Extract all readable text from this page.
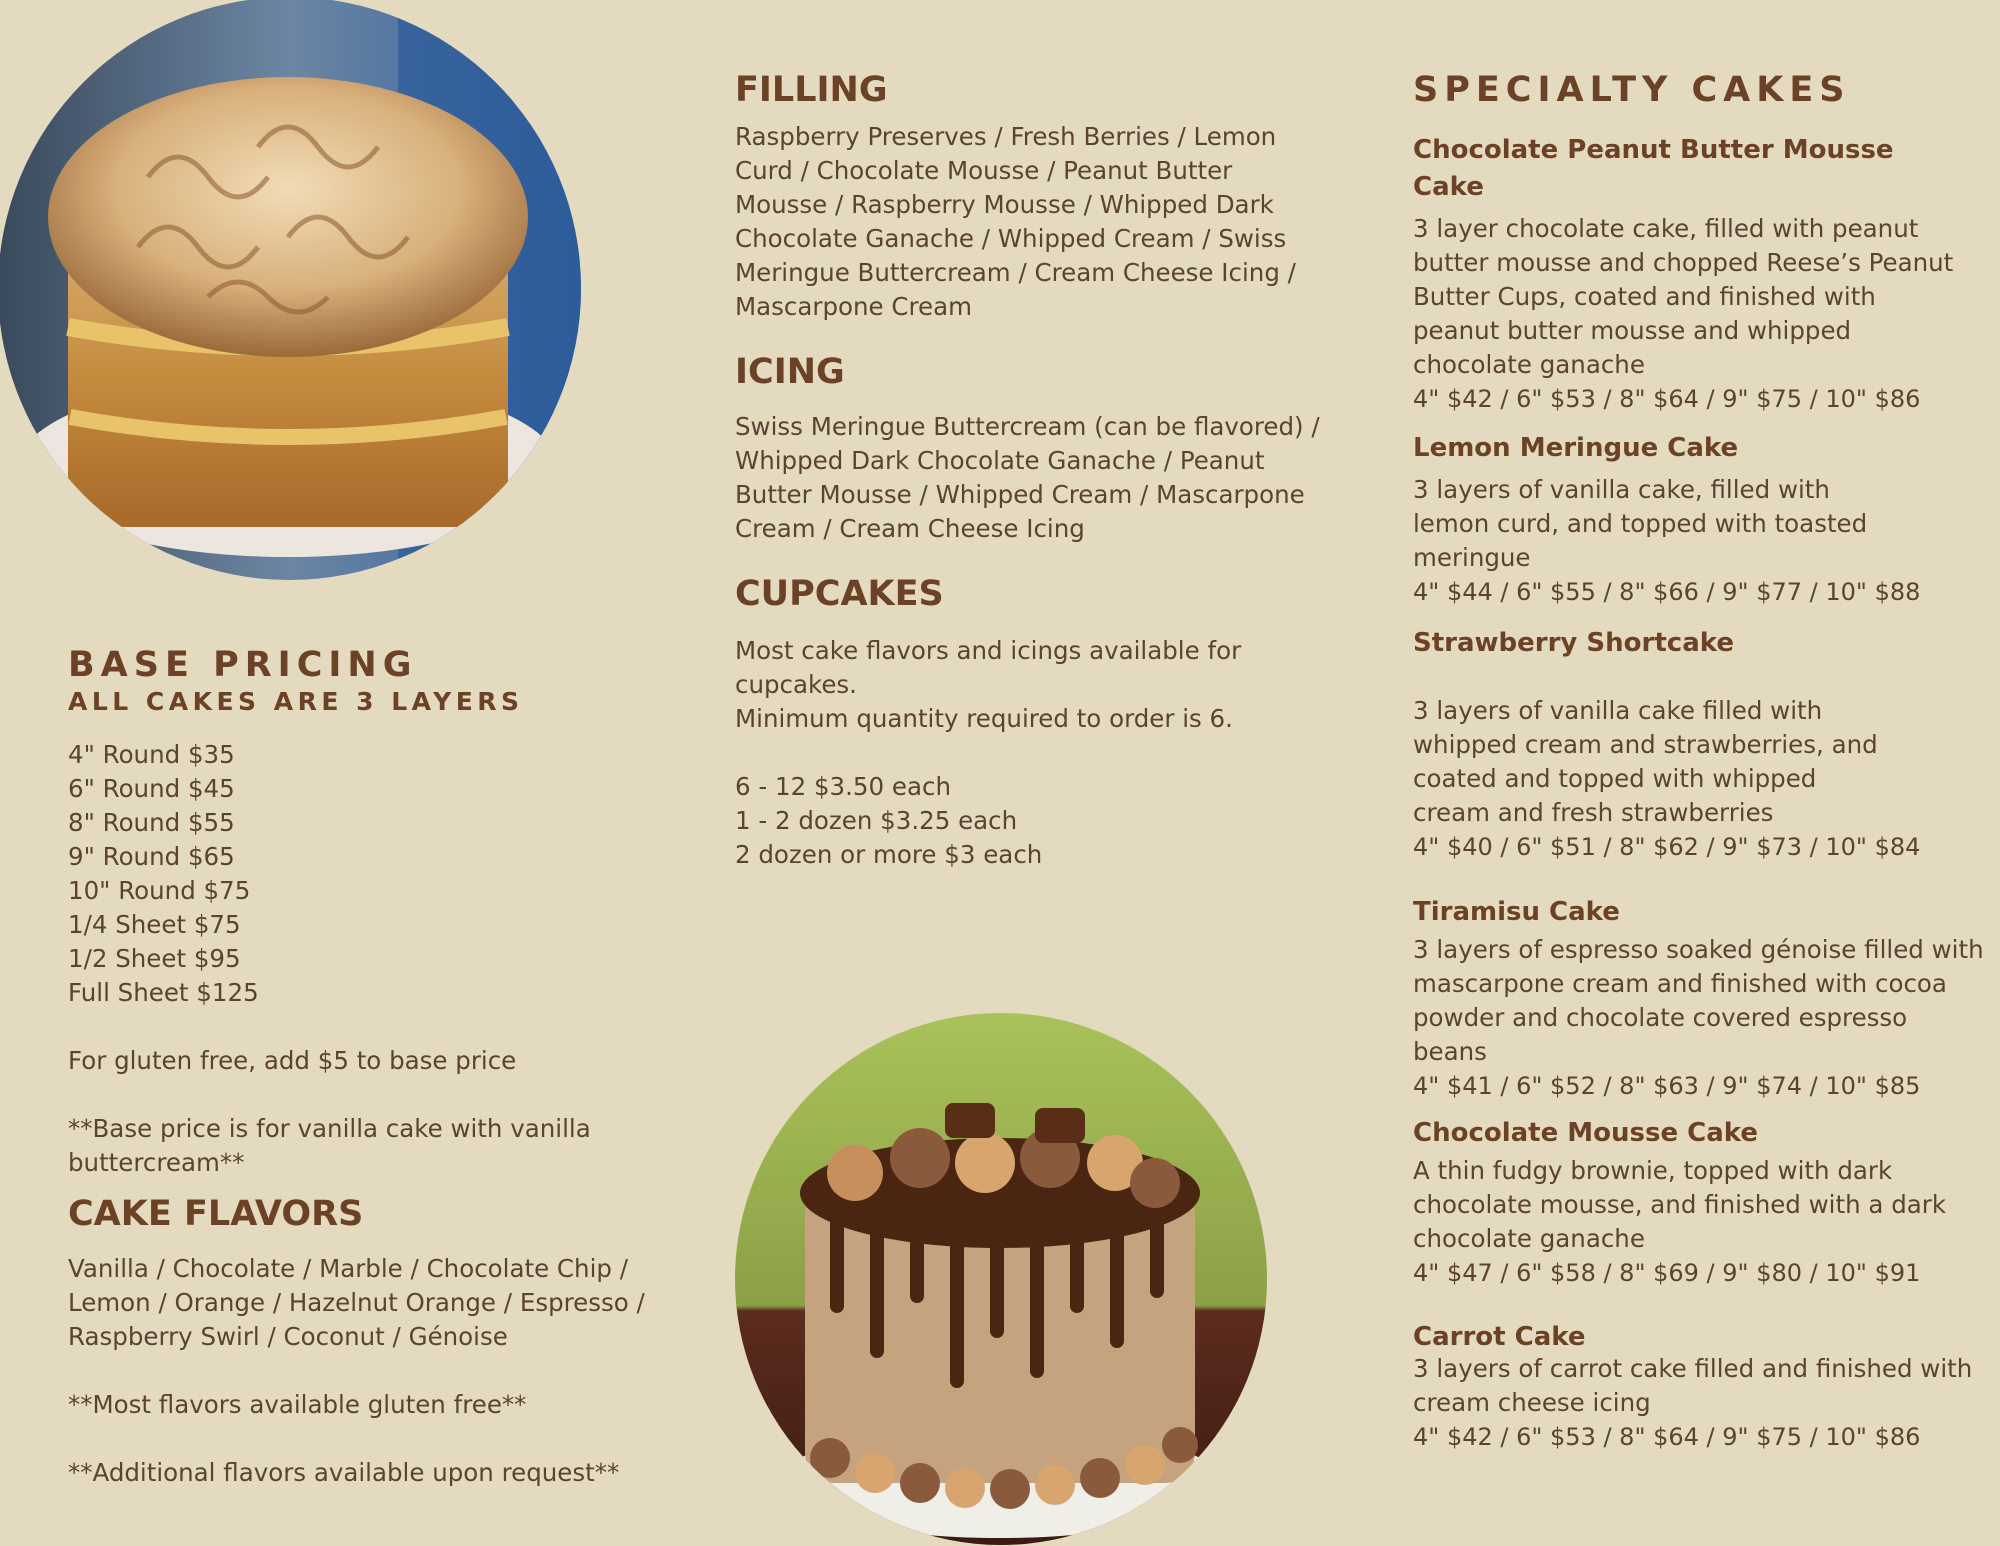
BASE PRICING
ALL CAKES ARE 3 LAYERS
4" Round $35
6" Round $45
8" Round $55
9" Round $65
10" Round $75
1/4 Sheet $75
1/2 Sheet $95
Full Sheet $125

For gluten free, add $5 to base price

**Base price is for vanilla cake with vanilla
buttercream**

CAKE FLAVORS

Vanilla / Chocolate / Marble / Chocolate Chip /
Lemon / Orange / Hazelnut Orange / Espresso /
Raspberry Swirl / Coconut / Génoise

**Most flavors available gluten free**

**Additional flavors available upon request**

FILLING

Raspberry Preserves / Fresh Berries / Lemon
Curd / Chocolate Mousse / Peanut Butter
Mousse / Raspberry Mousse / Whipped Dark
Chocolate Ganache / Whipped Cream / Swiss
Meringue Buttercream / Cream Cheese Icing /
Mascarpone Cream

ICING

Swiss Meringue Buttercream (can be flavored) /
Whipped Dark Chocolate Ganache / Peanut
Butter Mousse / Whipped Cream / Mascarpone
Cream / Cream Cheese Icing

CUPCAKES

Most cake flavors and icings available for
cupcakes.
Minimum quantity required to order is 6.

6 - 12 $3.50 each
1 - 2 dozen $3.25 each
2 dozen or more $3 each
SPECIALTY CAKES
Chocolate Peanut Butter Mousse
Cake

3 layer chocolate cake, filled with peanut
butter mousse and chopped Reese’s Peanut
Butter Cups, coated and finished with
peanut butter mousse and whipped
chocolate ganache

4" $42 / 6" $53 / 8" $64 / 9" $75 / 10" $86
Lemon Meringue Cake

3 layers of vanilla cake, filled with
lemon curd, and topped with toasted
meringue

4" $44 / 6" $55 / 8" $66 / 9" $77 / 10" $88
Strawberry Shortcake

3 layers of vanilla cake filled with
whipped cream and strawberries, and
coated and topped with whipped
cream and fresh strawberries

4" $40 / 6" $51 / 8" $62 / 9" $73 / 10" $84
Tiramisu Cake

3 layers of espresso soaked génoise filled with
mascarpone cream and finished with cocoa
powder and chocolate covered espresso
beans

4" $41 / 6" $52 / 8" $63 / 9" $74 / 10" $85
Chocolate Mousse Cake

A thin fudgy brownie, topped with dark
chocolate mousse, and finished with a dark
chocolate ganache

4" $47 / 6" $58 / 8" $69 / 9" $80 / 10" $91
Carrot Cake

3 layers of carrot cake filled and finished with
cream cheese icing

4" $42 / 6" $53 / 8" $64 / 9" $75 / 10" $86
